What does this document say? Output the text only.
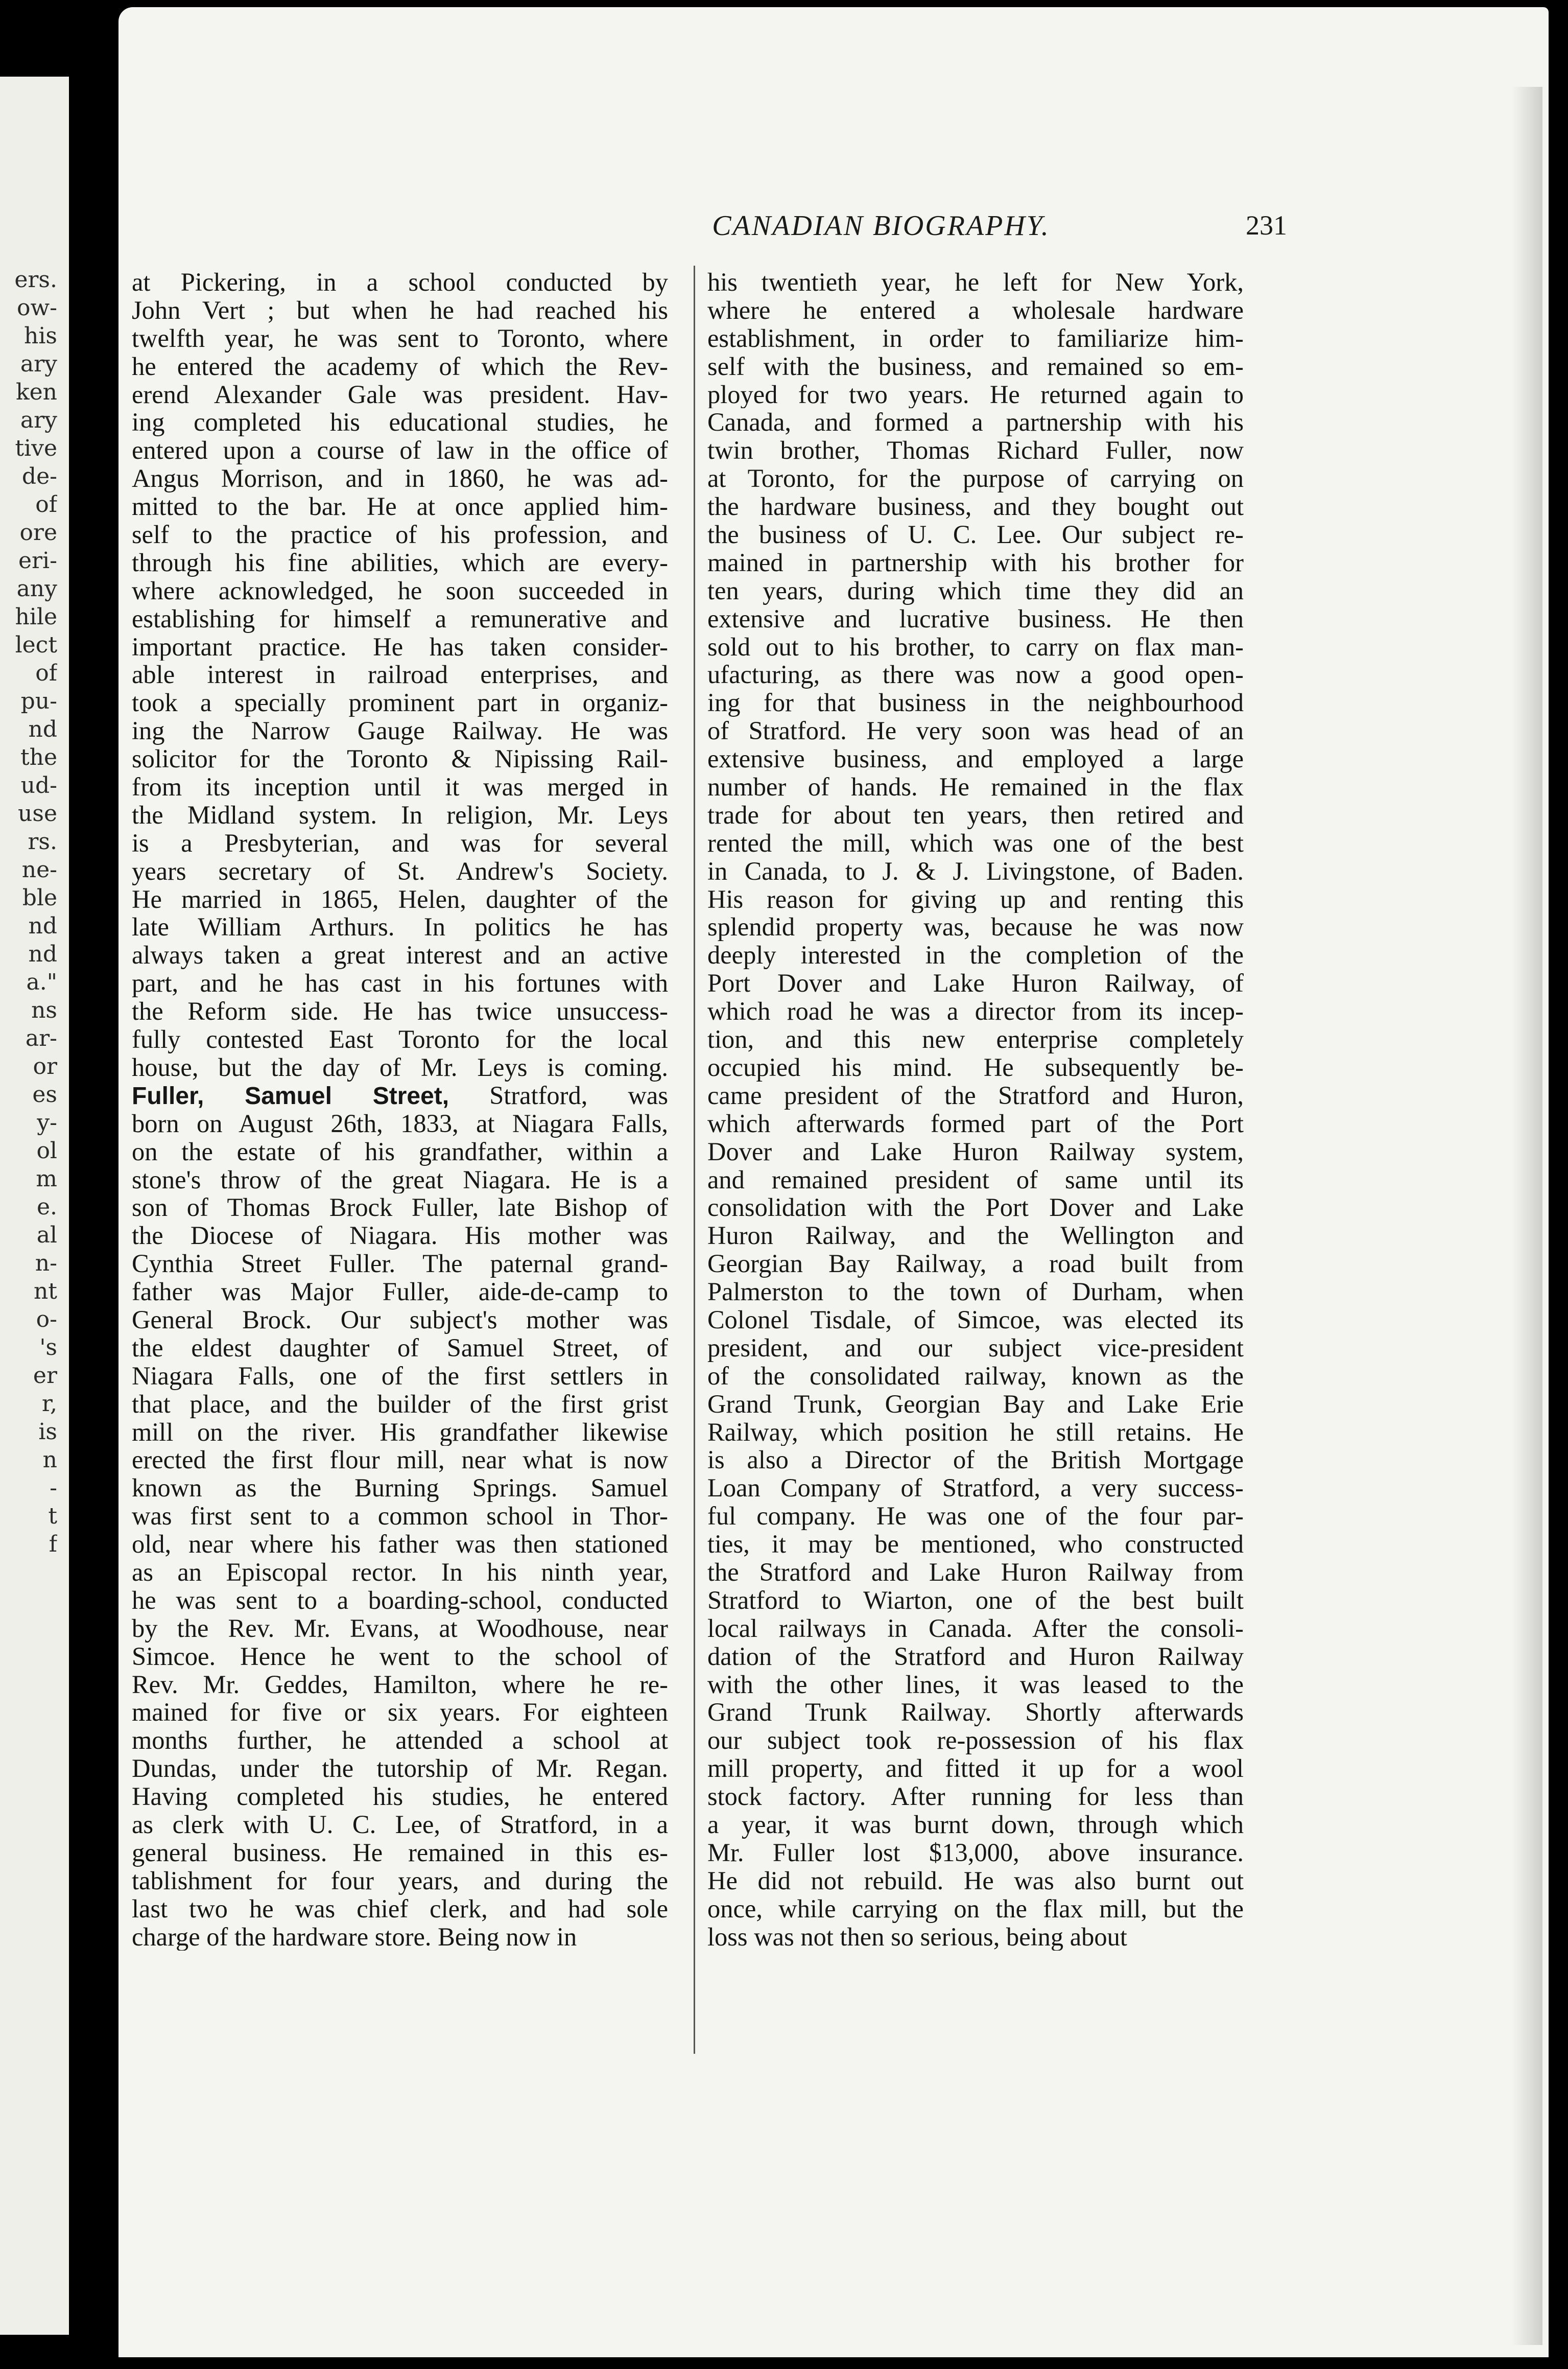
ers.
ow-
his
ary
ken
ary
tive
de-
of
ore
eri-
any
hile
lect
of
pu-
nd
the
ud-
use
rs.
ne-
ble
nd
nd
a."
ns
ar-
or
es
y-
ol
m
e.
al
n-
nt
o-
's
er
r,
is
n
-
t
f
CANADIAN BIOGRAPHY.	231
at Pickering, in a school conducted by
John Vert ; but when he had reached his
twelfth year, he was sent to Toronto, where
he entered the academy of which the Rev-
erend Alexander Gale was president. Hav-
ing completed his educational studies, he
entered upon a course of law in the office of
Angus Morrison, and in 1860, he was ad-
mitted to the bar. He at once applied him-
self to the practice of his profession, and
through his fine abilities, which are every-
where acknowledged, he soon succeeded in
establishing for himself a remunerative and
important practice. He has taken consider-
able interest in railroad enterprises, and
took a specially prominent part in organiz-
ing the Narrow Gauge Railway. He was
solicitor for the Toronto & Nipissing Rail-
from its inception until it was merged in
the Midland system. In religion, Mr. Leys
is a Presbyterian, and was for several
years secretary of St. Andrew's Society.
He married in 1865, Helen, daughter of the
late William Arthurs. In politics he has
always taken a great interest and an active
part, and he has cast in his fortunes with
the Reform side. He has twice unsuccess-
fully contested East Toronto for the local
house, but the day of Mr. Leys is coming.
Fuller, Samuel Street, Stratford, was
born on August 26th, 1833, at Niagara Falls,
on the estate of his grandfather, within a
stone's throw of the great Niagara. He is a
son of Thomas Brock Fuller, late Bishop of
the Diocese of Niagara. His mother was
Cynthia Street Fuller. The paternal grand-
father was Major Fuller, aide-de-camp to
General Brock. Our subject's mother was
the eldest daughter of Samuel Street, of
Niagara Falls, one of the first settlers in
that place, and the builder of the first grist
mill on the river. His grandfather likewise
erected the first flour mill, near what is now
known as the Burning Springs. Samuel
was first sent to a common school in Thor-
old, near where his father was then stationed
as an Episcopal rector. In his ninth year,
he was sent to a boarding-school, conducted
by the Rev. Mr. Evans, at Woodhouse, near
Simcoe. Hence he went to the school of
Rev. Mr. Geddes, Hamilton, where he re-
mained for five or six years. For eighteen
months further, he attended a school at
Dundas, under the tutorship of Mr. Regan.
Having completed his studies, he entered
as clerk with U. C. Lee, of Stratford, in a
general business. He remained in this es-
tablishment for four years, and during the
last two he was chief clerk, and had sole
charge of the hardware store. Being now in
his twentieth year, he left for New York,
where he entered a wholesale hardware
establishment, in order to familiarize him-
self with the business, and remained so em-
ployed for two years. He returned again to
Canada, and formed a partnership with his
twin brother, Thomas Richard Fuller, now
at Toronto, for the purpose of carrying on
the hardware business, and they bought out
the business of U. C. Lee. Our subject re-
mained in partnership with his brother for
ten years, during which time they did an
extensive and lucrative business. He then
sold out to his brother, to carry on flax man-
ufacturing, as there was now a good open-
ing for that business in the neighbourhood
of Stratford. He very soon was head of an
extensive business, and employed a large
number of hands. He remained in the flax
trade for about ten years, then retired and
rented the mill, which was one of the best
in Canada, to J. & J. Livingstone, of Baden.
His reason for giving up and renting this
splendid property was, because he was now
deeply interested in the completion of the
Port Dover and Lake Huron Railway, of
which road he was a director from its incep-
tion, and this new enterprise completely
occupied his mind. He subsequently be-
came president of the Stratford and Huron,
which afterwards formed part of the Port
Dover and Lake Huron Railway system,
and remained president of same until its
consolidation with the Port Dover and Lake
Huron Railway, and the Wellington and
Georgian Bay Railway, a road built from
Palmerston to the town of Durham, when
Colonel Tisdale, of Simcoe, was elected its
president, and our subject vice-president
of the consolidated railway, known as the
Grand Trunk, Georgian Bay and Lake Erie
Railway, which position he still retains. He
is also a Director of the British Mortgage
Loan Company of Stratford, a very success-
ful company. He was one of the four par-
ties, it may be mentioned, who constructed
the Stratford and Lake Huron Railway from
Stratford to Wiarton, one of the best built
local railways in Canada. After the consoli-
dation of the Stratford and Huron Railway
with the other lines, it was leased to the
Grand Trunk Railway. Shortly afterwards
our subject took re-possession of his flax
mill property, and fitted it up for a wool
stock factory. After running for less than
a year, it was burnt down, through which
Mr. Fuller lost $13,000, above insurance.
He did not rebuild. He was also burnt out
once, while carrying on the flax mill, but the
loss was not then so serious, being about
